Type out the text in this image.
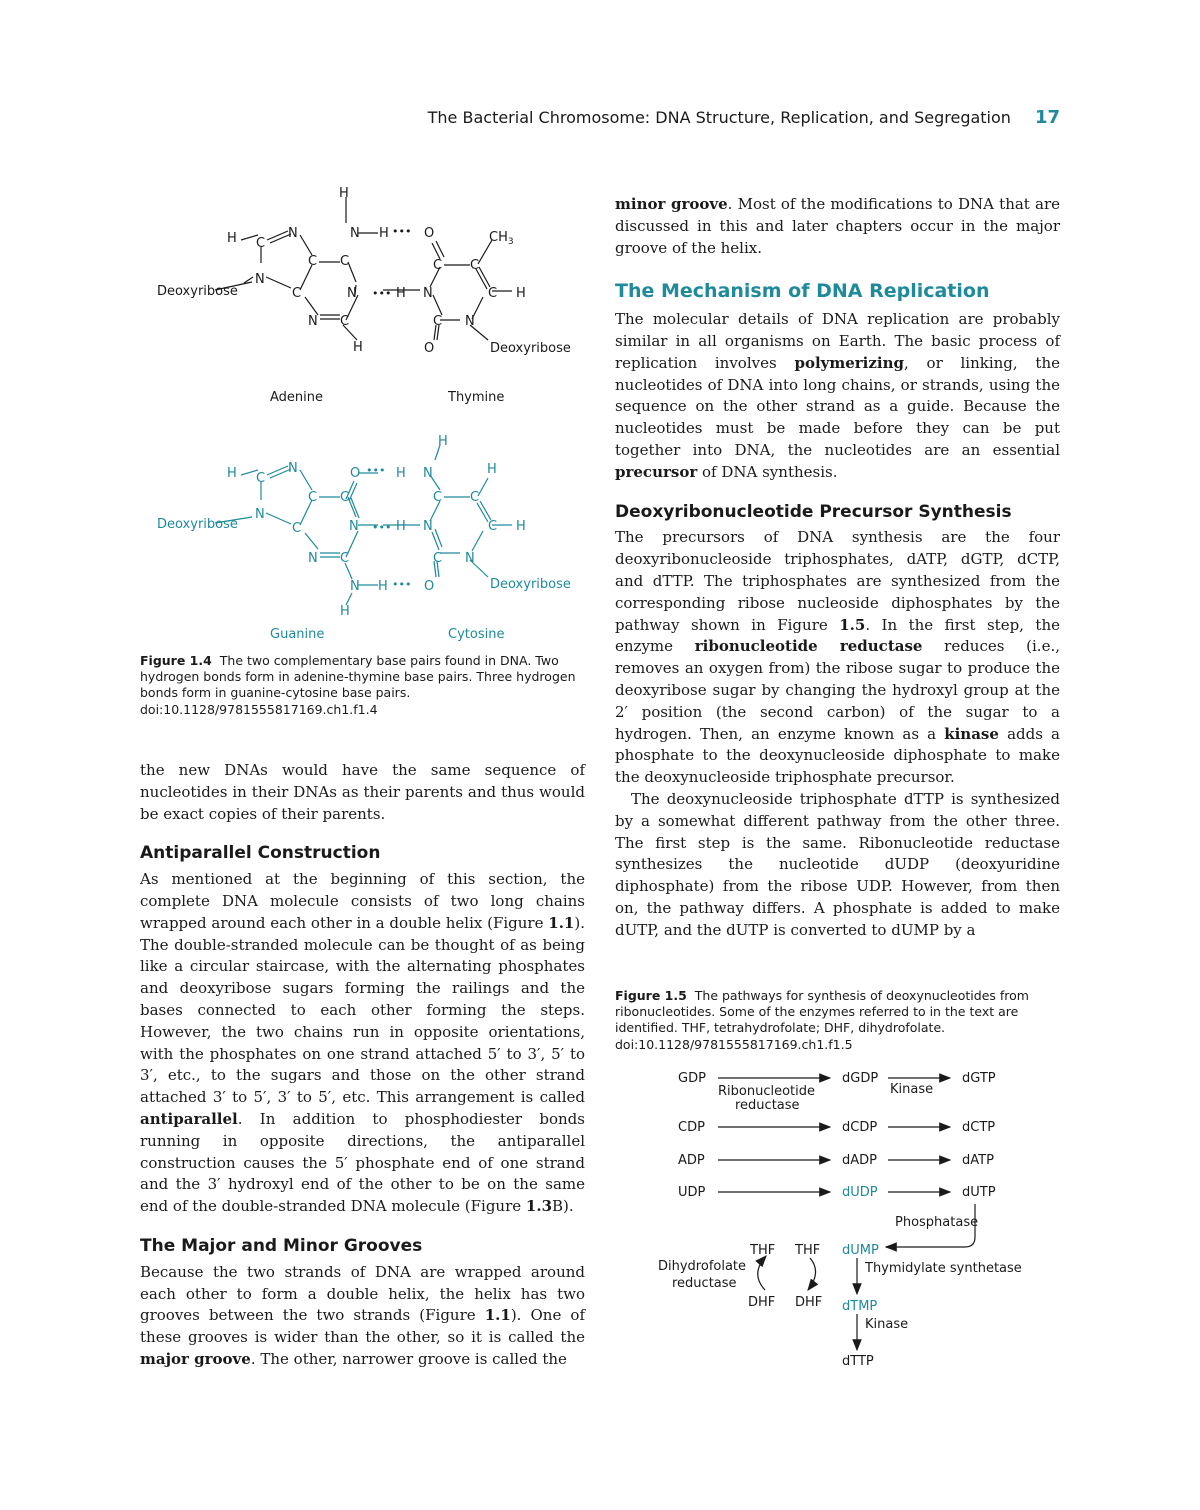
The Bacterial Chromosome: DNA Structure, Replication, and Segregation 17
H
H C
N
N
C
C C
N C
H
N
N H ••• O
••• H N
C C
$CH_3$
C H
C N
O
Deoxyribose
Deoxyribose
Adenine	Thymine
H C
N
N
C
C C
N C
N
O ••• H N
H
H
••• H N
C C
C H
C N
N H ••• O
H
Deoxyribose
Deoxyribose
Guanine	Cytosine
Figure 1.4 The two complementary base pairs found in DNA. Two hydrogen bonds form in adenine-thymine base pairs. Three hydrogen bonds form in guanine-cytosine base pairs.
doi:10.1128/9781555817169.ch1.f1.4

the new DNAs would have the same sequence of nucleotides in their DNAs as their parents and thus would be exact copies of their parents.

Antiparallel Construction

As mentioned at the beginning of this section, the complete DNA molecule consists of two long chains wrapped around each other in a double helix (Figure 1.1). The double-stranded molecule can be thought of as being like a circular staircase, with the alternating phosphates and deoxyribose sugars forming the railings and the bases connected to each other forming the steps. However, the two chains run in opposite orientations, with the phosphates on one strand attached 5′ to 3′, 5′ to 3′, etc., to the sugars and those on the other strand attached 3′ to 5′, 3′ to 5′, etc. This arrangement is called antiparallel. In addition to phosphodiester bonds running in opposite directions, the antiparallel construction causes the 5′ phosphate end of one strand and the 3′ hydroxyl end of the other to be on the same end of the double-stranded DNA molecule (Figure 1.3B).

The Major and Minor Grooves

Because the two strands of DNA are wrapped around each other to form a double helix, the helix has two grooves between the two strands (Figure 1.1). One of these grooves is wider than the other, so it is called the major groove. The other, narrower groove is called the

minor groove. Most of the modifications to DNA that are discussed in this and later chapters occur in the major groove of the helix.

The Mechanism of DNA Replication

The molecular details of DNA replication are probably similar in all organisms on Earth. The basic process of replication involves polymerizing, or linking, the nucleotides of DNA into long chains, or strands, using the sequence on the other strand as a guide. Because the nucleotides must be made before they can be put together into DNA, the nucleotides are an essential precursor of DNA synthesis.

Deoxyribonucleotide Precursor Synthesis

The precursors of DNA synthesis are the four deoxyribonucleoside triphosphates, dATP, dGTP, dCTP, and dTTP. The triphosphates are synthesized from the corresponding ribose nucleoside diphosphates by the pathway shown in Figure 1.5. In the first step, the enzyme ribonucleotide reductase reduces (i.e., removes an oxygen from) the ribose sugar to produce the deoxyribose sugar by changing the hydroxyl group at the 2′ position (the second carbon) of the sugar to a hydrogen. Then, an enzyme known as a kinase adds a phosphate to the deoxynucleoside diphosphate to make the deoxynucleoside triphosphate precursor.

The deoxynucleoside triphosphate dTTP is synthesized by a somewhat different pathway from the other three. The first step is the same. Ribonucleotide reductase synthesizes the nucleotide dUDP (deoxyuridine diphosphate) from the ribose UDP. However, from then on, the pathway differs. A phosphate is added to make dUTP, and the dUTP is converted to dUMP by a

Figure 1.5 The pathways for synthesis of deoxynucleotides from ribonucleotides. Some of the enzymes referred to in the text are identified. THF, tetrahydrofolate; DHF, dihydrofolate.
doi:10.1128/9781555817169.ch1.f1.5
GDP	dGDP	dGTP
Ribonucleotide
reductase
Kinase
CDP	dCDP	dCTP
ADP	dADP	dATP
UDP	dUDP	dUTP
Phosphatase
dUMP
THF THF
Dihydrofolate
reductase
Thymidylate synthetase
DHF DHF dTMP
Kinase
dTTP
